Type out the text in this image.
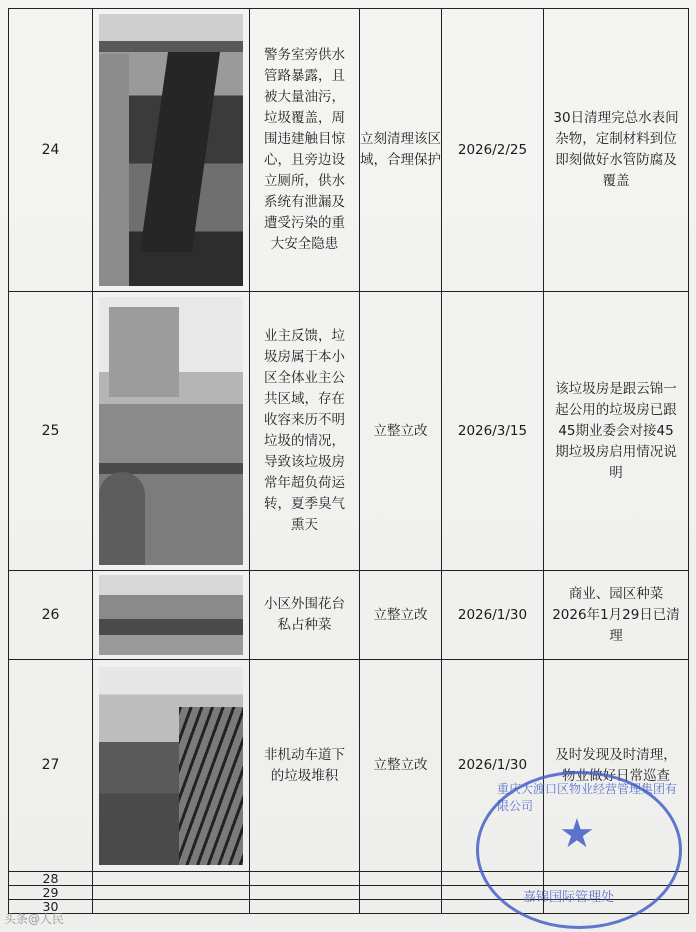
24		警务室旁供水管路暴露，且被大量油污，垃圾覆盖，周围违建触目惊心，且旁边设立厕所，供水系统有泄漏及遭受污染的重大安全隐患	立刻清理该区域，合理保护	2026/2/25	30日清理完总水表间杂物，定制材料到位即刻做好水管防腐及覆盖
25		业主反馈，垃圾房属于本小区全体业主公共区域，存在收容来历不明垃圾的情况，导致该垃圾房常年超负荷运转，夏季臭气熏天	立整立改	2026/3/15	该垃圾房是跟云锦一起公用的垃圾房已跟45期业委会对接45期垃圾房启用情况说明
26		小区外围花台私占种菜	立整立改	2026/1/30	商业、园区种菜2026年1月29日已清理
27		非机动车道下的垃圾堆积	立整立改	2026/1/30	及时发现及时清理，物业做好日常巡查
28					
29					
30					
重庆大渡口区物业经营管理集团有限公司
★
嘉锦国际管理处
头条@人民
